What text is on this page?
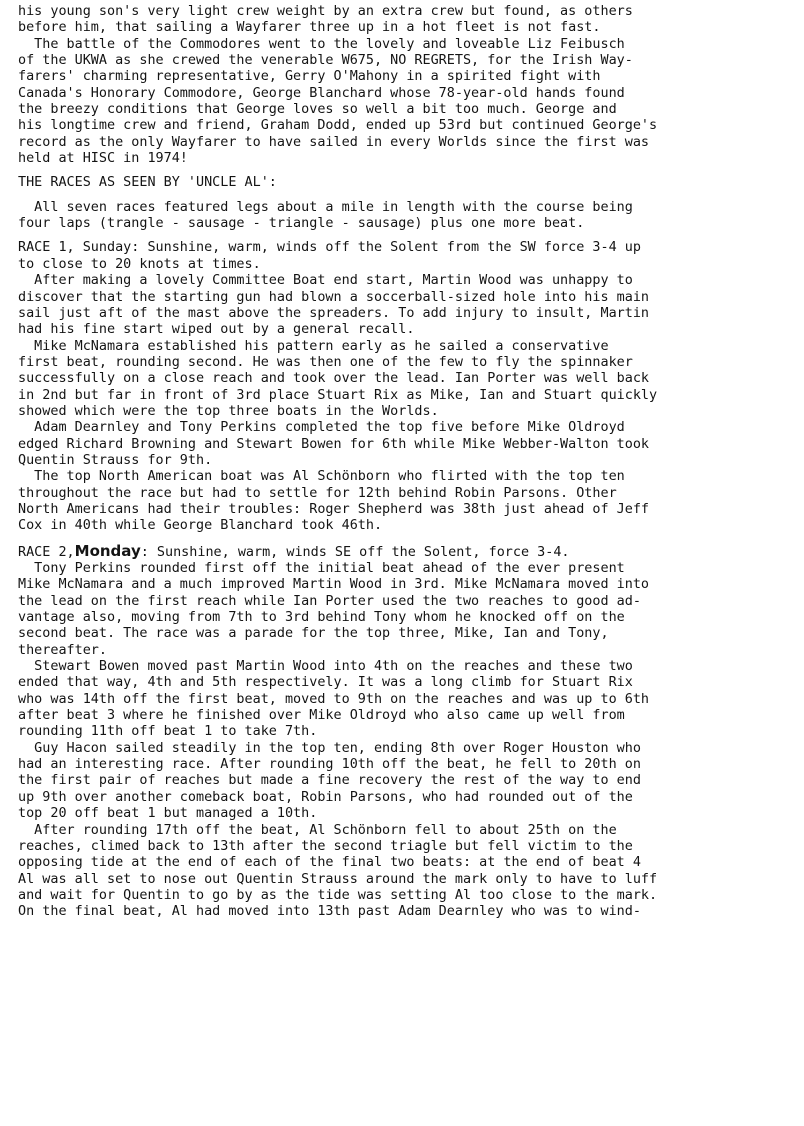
his young son's very light crew weight by an extra crew but found, as others

before him, that sailing a Wayfarer three up in a hot fleet is not fast.

The battle of the Commodores went to the lovely and loveable Liz Feibusch

of the UKWA as she crewed the venerable W675, NO REGRETS, for the Irish Way-

farers' charming representative, Gerry O'Mahony in a spirited fight with

Canada's Honorary Commodore, George Blanchard whose 78-year-old hands found

the breezy conditions that George loves so well a bit too much. George and

his longtime crew and friend, Graham Dodd, ended up 53rd but continued George's

record as the only Wayfarer to have sailed in every Worlds since the first was

held at HISC in 1974!

THE RACES AS SEEN BY 'UNCLE AL':

All seven races featured legs about a mile in length with the course being

four laps (trangle - sausage - triangle - sausage) plus one more beat.

RACE 1, Sunday: Sunshine, warm, winds off the Solent from the SW force 3-4 up

to close to 20 knots at times.

After making a lovely Committee Boat end start, Martin Wood was unhappy to

discover that the starting gun had blown a soccerball-sized hole into his main

sail just aft of the mast above the spreaders. To add injury to insult, Martin

had his fine start wiped out by a general recall.

Mike McNamara established his pattern early as he sailed a conservative

first beat, rounding second. He was then one of the few to fly the spinnaker

successfully on a close reach and took over the lead. Ian Porter was well back

in 2nd but far in front of 3rd place Stuart Rix as Mike, Ian and Stuart quickly

showed which were the top three boats in the Worlds.

Adam Dearnley and Tony Perkins completed the top five before Mike Oldroyd

edged Richard Browning and Stewart Bowen for 6th while Mike Webber-Walton took

Quentin Strauss for 9th.

The top North American boat was Al Schönborn who flirted with the top ten

throughout the race but had to settle for 12th behind Robin Parsons. Other

North Americans had their troubles: Roger Shepherd was 38th just ahead of Jeff

Cox in 40th while George Blanchard took 46th.

RACE 2,Monday: Sunshine, warm, winds SE off the Solent, force 3-4.

Tony Perkins rounded first off the initial beat ahead of the ever present

Mike McNamara and a much improved Martin Wood in 3rd. Mike McNamara moved into

the lead on the first reach while Ian Porter used the two reaches to good ad-

vantage also, moving from 7th to 3rd behind Tony whom he knocked off on the

second beat. The race was a parade for the top three, Mike, Ian and Tony,

thereafter.

Stewart Bowen moved past Martin Wood into 4th on the reaches and these two

ended that way, 4th and 5th respectively. It was a long climb for Stuart Rix

who was 14th off the first beat, moved to 9th on the reaches and was up to 6th

after beat 3 where he finished over Mike Oldroyd who also came up well from

rounding 11th off beat 1 to take 7th.

Guy Hacon sailed steadily in the top ten, ending 8th over Roger Houston who

had an interesting race. After rounding 10th off the beat, he fell to 20th on

the first pair of reaches but made a fine recovery the rest of the way to end

up 9th over another comeback boat, Robin Parsons, who had rounded out of the

top 20 off beat 1 but managed a 10th.

After rounding 17th off the beat, Al Schönborn fell to about 25th on the

reaches, climed back to 13th after the second triagle but fell victim to the

opposing tide at the end of each of the final two beats: at the end of beat 4

Al was all set to nose out Quentin Strauss around the mark only to have to luff

and wait for Quentin to go by as the tide was setting Al too close to the mark.

On the final beat, Al had moved into 13th past Adam Dearnley who was to wind-
